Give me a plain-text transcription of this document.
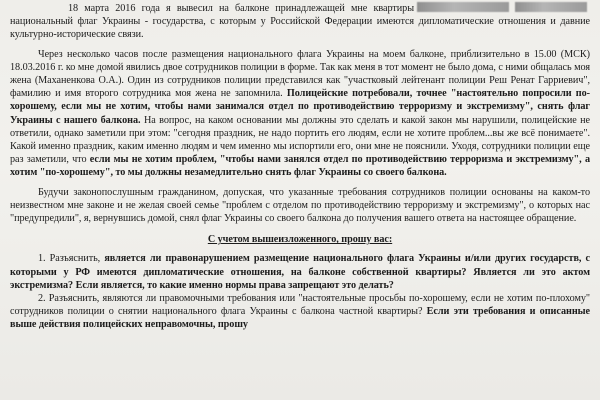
18 марта 2016 года я вывесил на балконе принадлежащей мне квартиры национальный флаг Украины - государства, с которым у Российской Федерации имеются дипломатические отношения и давние культурно-исторические связи.

Через несколько часов после размещения национального флага Украины на моем балконе, приблизительно в 15.00 (МСК) 18.03.2016 г. ко мне домой явились двое сотрудников полиции в форме. Так как меня в тот момент не было дома, с ними общалась моя жена (Маханенкова О.А.). Один из сотрудников полиции представился как "участковый лейтенант полиции Реш Ренат Гарриевич", фамилию и имя второго сотрудника моя жена не запомнила. Полицейские потребовали, точнее "настоятельно попросили по-хорошему, если мы не хотим, чтобы нами занимался отдел по противодействию терроризму и экстремизму", снять флаг Украины с нашего балкона. На вопрос, на каком основании мы должны это сделать и какой закон мы нарушили, полицейские не ответили, однако заметили при этом: "сегодня праздник, не надо портить его людям, если не хотите проблем...вы же всё понимаете". Какой именно праздник, каким именно людям и чем именно мы испортили его, они мне не пояснили. Уходя, сотрудники полиции еще раз заметили, что если мы не хотим проблем, "чтобы нами занялся отдел по противодействию терроризма и экстремизму", а хотим "по-хорошему", то мы должны незамедлительно снять флаг Украины со своего балкона.

Будучи законопослушным гражданином, допуская, что указанные требования сотрудников полиции основаны на каком-то неизвестном мне законе и не желая своей семье "проблем с отделом по противодействию терроризму и экстремизму", о которых нас "предупредили", я, вернувшись домой, снял флаг Украины со своего балкона до получения вашего ответа на настоящее обращение.

С учетом вышеизложенного, прошу вас:

1. Разъяснить, является ли правонарушением размещение национального флага Украины и/или других государств, с которыми у РФ имеются дипломатические отношения, на балконе собственной квартиры? Является ли это актом экстремизма? Если является, то какие именно нормы права запрещают это делать?

2. Разъяснить, являются ли правомочными требования или "настоятельные просьбы по-хорошему, если не хотим по-плохому" сотрудников полиции о снятии национального флага Украины с балкона частной квартиры? Если эти требования и описанные выше действия полицейских неправомочны, прошу
